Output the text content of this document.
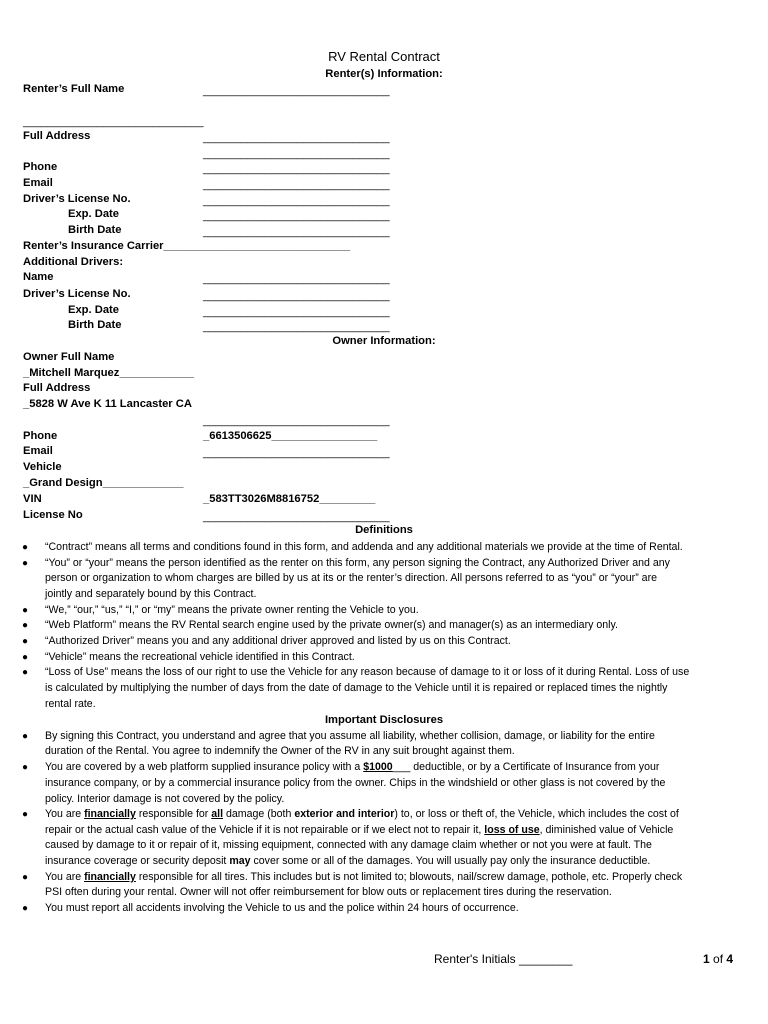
RV Rental Contract
Renter(s) Information:
Renter’s Full Name	______________________________
_____________________________
Full Address	______________________________
______________________________
Phone	______________________________
Email	______________________________
Driver’s License No.	______________________________
Exp. Date	______________________________
Birth Date	______________________________
Renter’s Insurance Carrier______________________________
Additional Drivers:
Name	______________________________
Driver’s License No.	______________________________
Exp. Date	______________________________
Birth Date	______________________________
Owner Information:
Owner Full Name
_Mitchell Marquez____________
Full Address
_5828 W Ave K 11 Lancaster CA
______________________________
Phone	_6613506625_________________
Email	______________________________
Vehicle
_Grand Design_____________
VIN	_583TT3026M8816752_________
License No	______________________________
Definitions
● “Contract” means all terms and conditions found in this form, and addenda and any additional materials we provide at the time of Rental.
● “You” or “your” means the person identified as the renter on this form, any person signing the Contract, any Authorized Driver and any
person or organization to whom charges are billed by us at its or the renter’s direction. All persons referred to as “you” or “your” are
jointly and separately bound by this Contract.
● “We,” “our,” “us,” “I,” or “my” means the private owner renting the Vehicle to you.
● “Web Platform” means the RV Rental search engine used by the private owner(s) and manager(s) as an intermediary only.
● “Authorized Driver” means you and any additional driver approved and listed by us on this Contract.
● “Vehicle” means the recreational vehicle identified in this Contract.
● “Loss of Use” means the loss of our right to use the Vehicle for any reason because of damage to it or loss of it during Rental. Loss of use
is calculated by multiplying the number of days from the date of damage to the Vehicle until it is repaired or replaced times the nightly
rental rate.
Important Disclosures
● By signing this Contract, you understand and agree that you assume all liability, whether collision, damage, or liability for the entire
duration of the Rental. You agree to indemnify the Owner of the RV in any suit brought against them.
● You are covered by a web platform supplied insurance policy with a $1000___ deductible, or by a Certificate of Insurance from your
insurance company, or by a commercial insurance policy from the owner. Chips in the windshield or other glass is not covered by the
policy. Interior damage is not covered by the policy.
● You are financially responsible for all damage (both exterior and interior) to, or loss or theft of, the Vehicle, which includes the cost of
repair or the actual cash value of the Vehicle if it is not repairable or if we elect not to repair it, loss of use, diminished value of Vehicle
caused by damage to it or repair of it, missing equipment, connected with any damage claim whether or not you were at fault. The
insurance coverage or security deposit may cover some or all of the damages. You will usually pay only the insurance deductible.
● You are financially responsible for all tires. This includes but is not limited to; blowouts, nail/screw damage, pothole, etc. Properly check
PSI often during your rental. Owner will not offer reimbursement for blow outs or replacement tires during the reservation.
● You must report all accidents involving the Vehicle to us and the police within 24 hours of occurrence.
Renter's Initials ________	1 of 4
